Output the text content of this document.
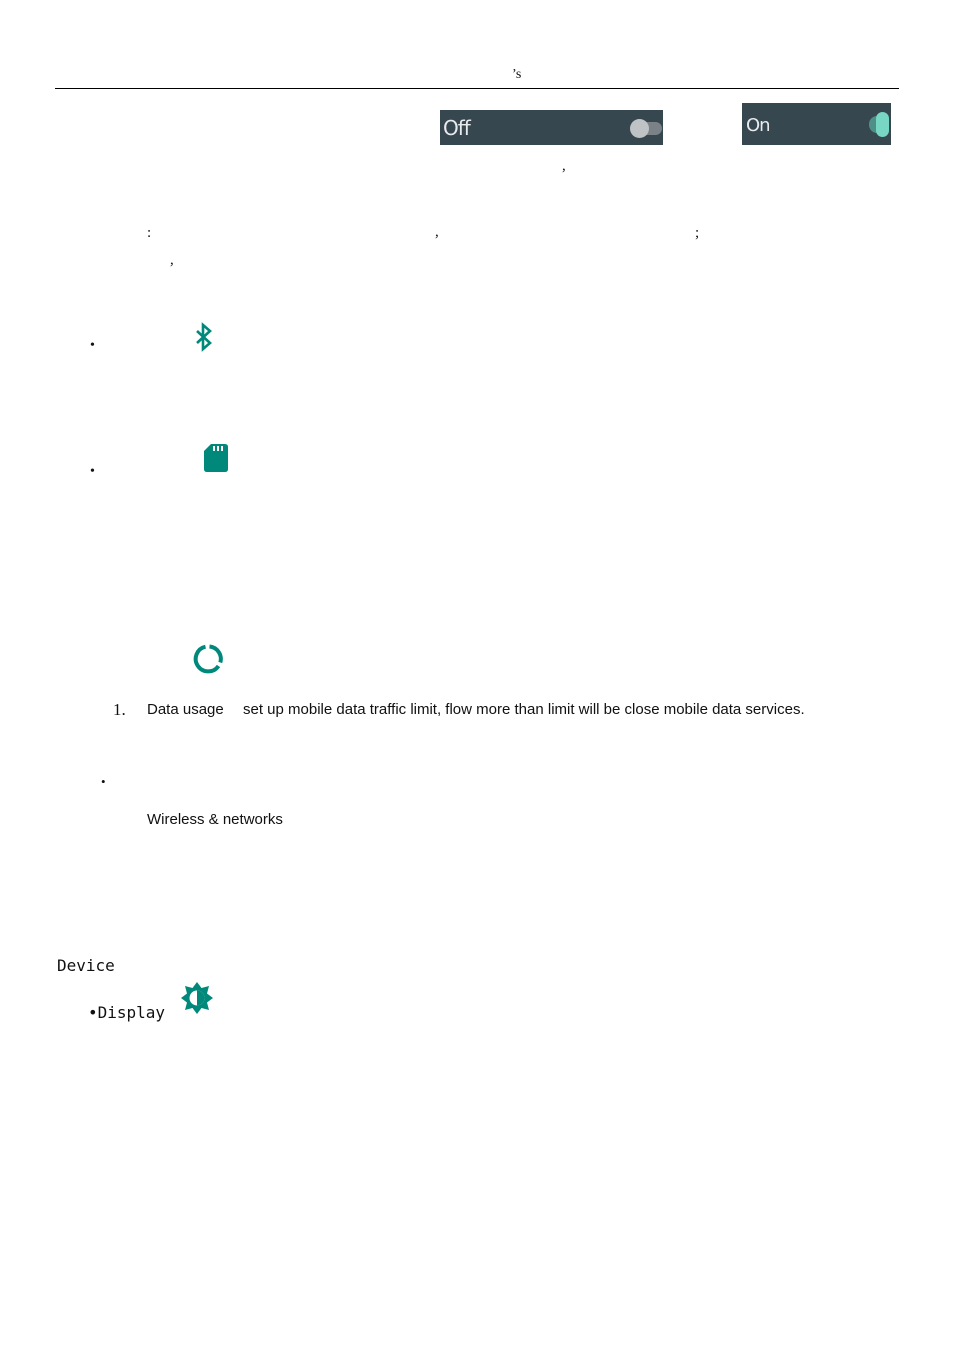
’s
Off	On
,
:	,	;
,
•
•
1. Data usage set up mobile data traffic limit, flow more than limit will be close mobile data services.
•
Wireless & networks
Device
•Display
